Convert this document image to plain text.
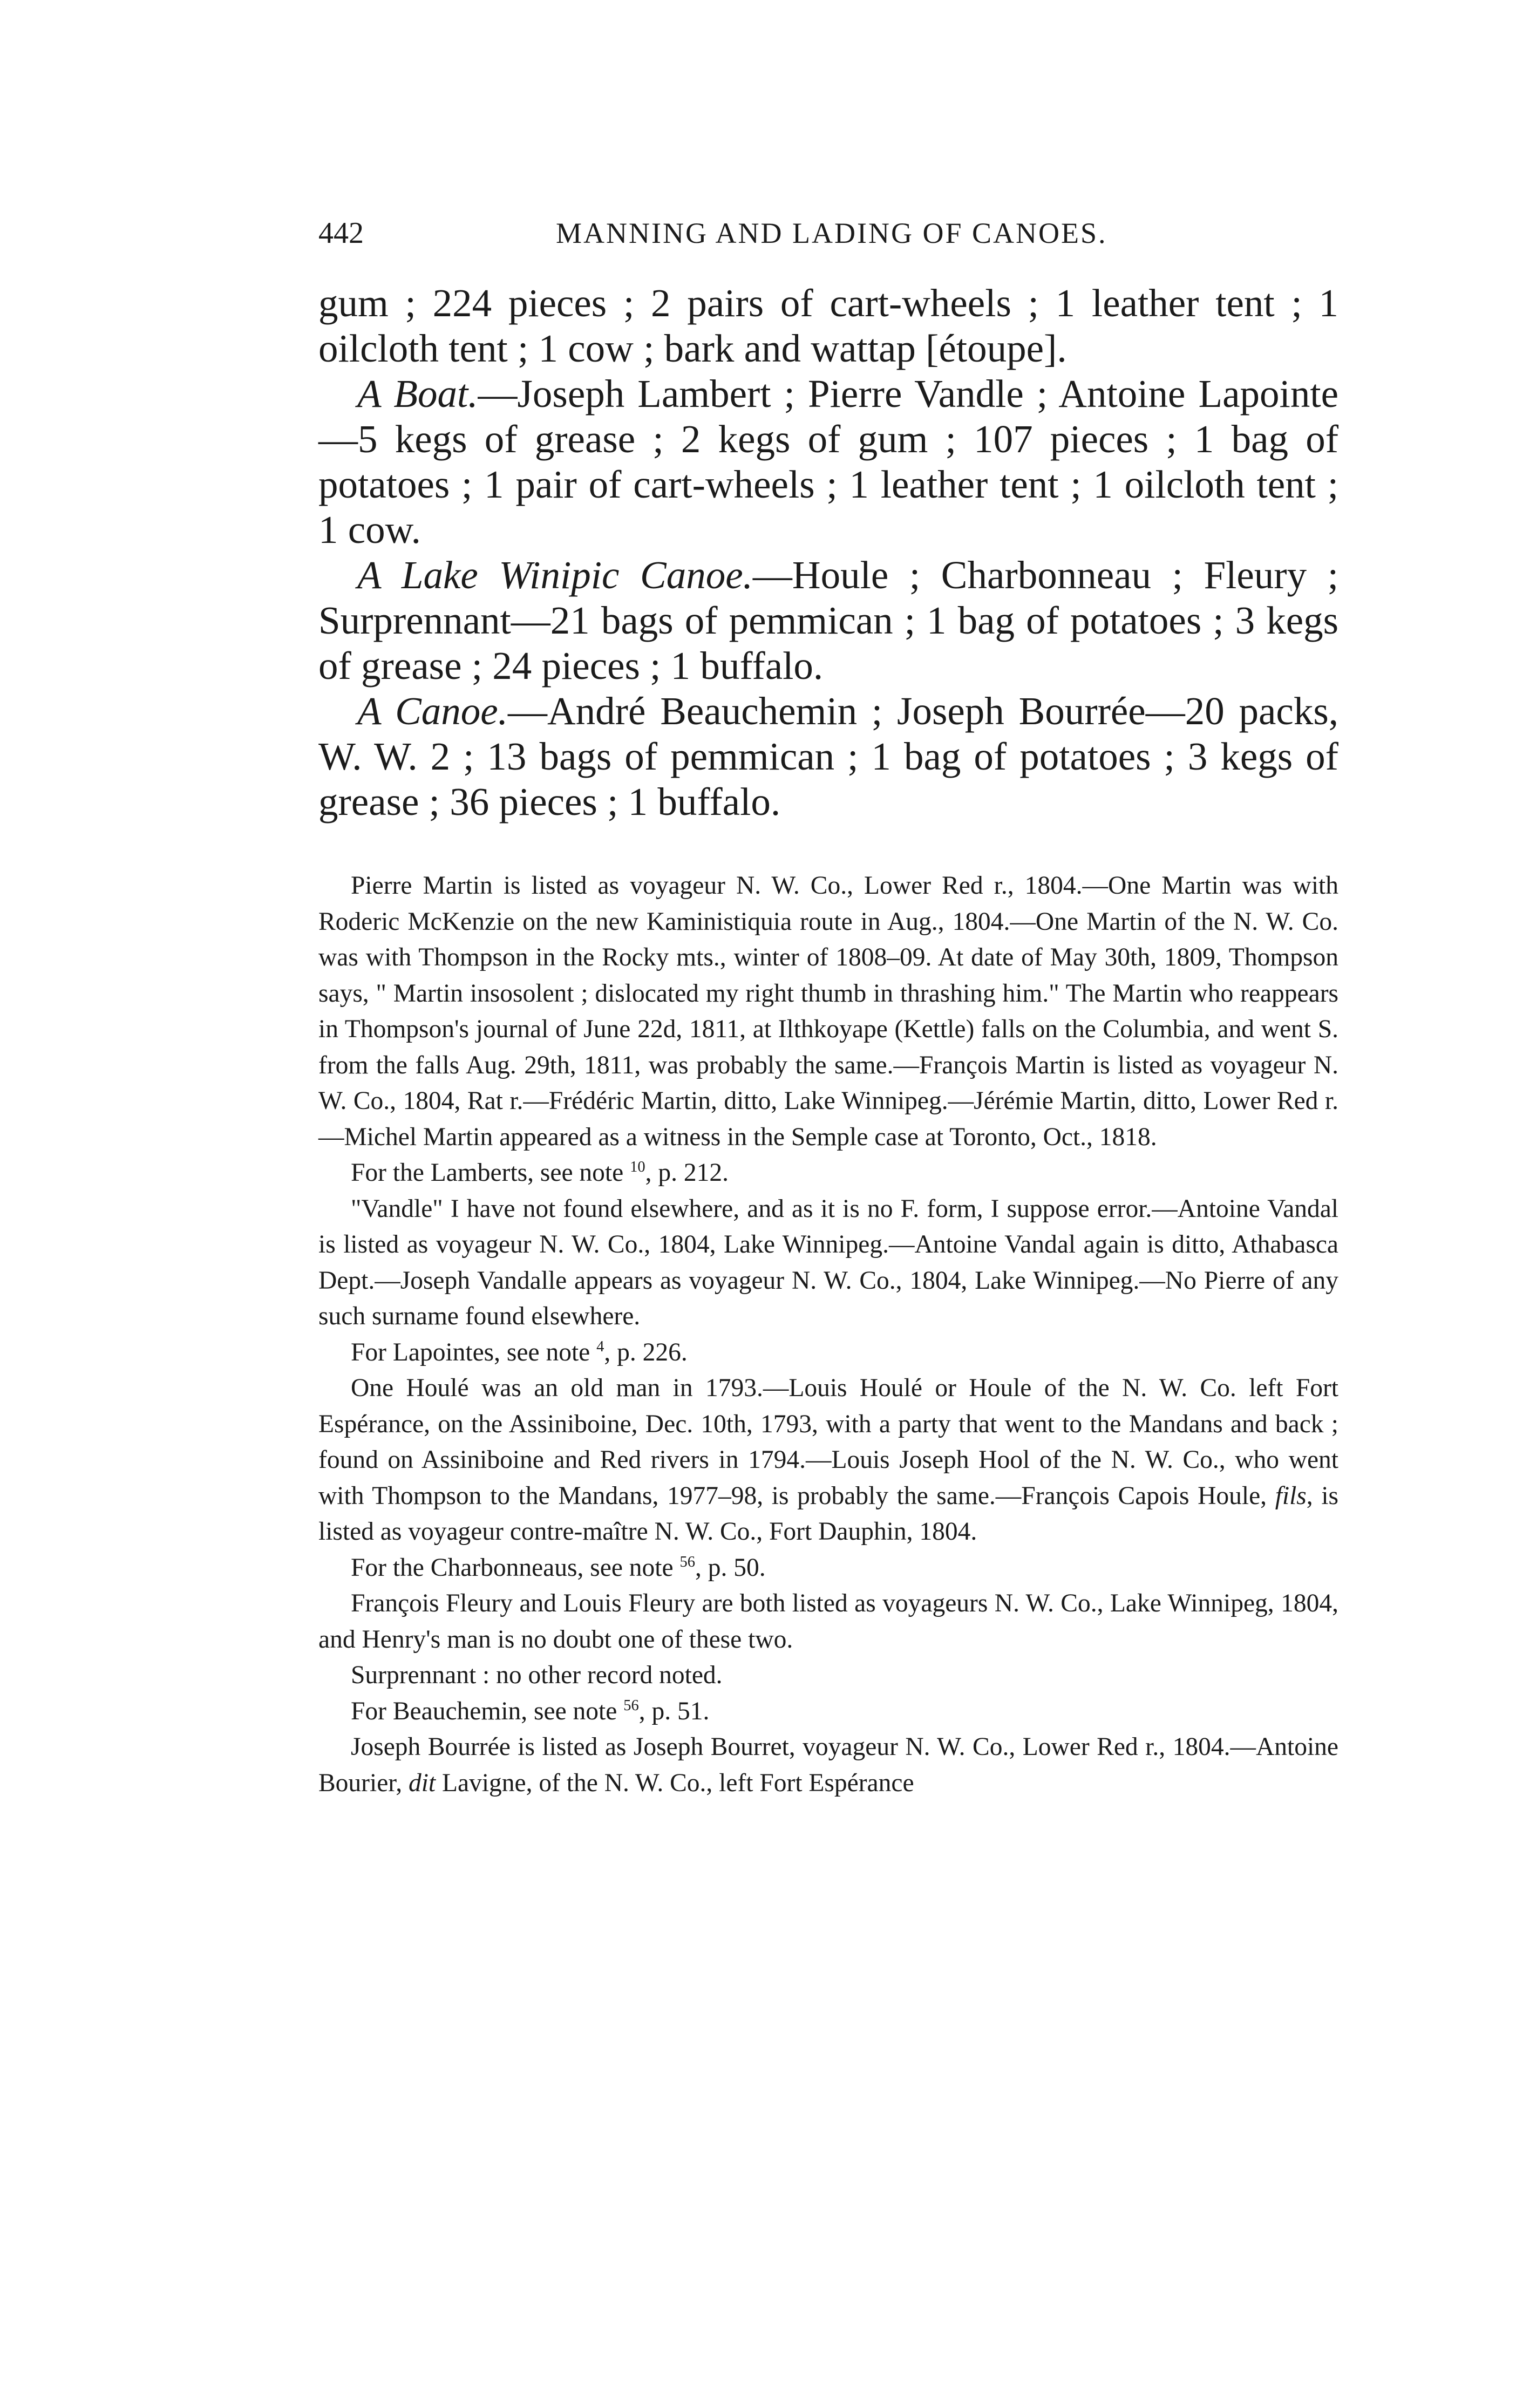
442	MANNING AND LADING OF CANOES.

gum ; 224 pieces ; 2 pairs of cart-wheels ; 1 leather tent ; 1 oilcloth tent ; 1 cow ; bark and wattap [étoupe].

A Boat.—Joseph Lambert ; Pierre Vandle ; Antoine Lapointe—5 kegs of grease ; 2 kegs of gum ; 107 pieces ; 1 bag of potatoes ; 1 pair of cart-wheels ; 1 leather tent ; 1 oilcloth tent ; 1 cow.

A Lake Winipic Canoe.—Houle ; Charbonneau ; Fleury ; Surprennant—21 bags of pemmican ; 1 bag of potatoes ; 3 kegs of grease ; 24 pieces ; 1 buffalo.

A Canoe.—André Beauchemin ; Joseph Bourrée—20 packs, W. W. 2 ; 13 bags of pemmican ; 1 bag of potatoes ; 3 kegs of grease ; 36 pieces ; 1 buffalo.

Pierre Martin is listed as voyageur N. W. Co., Lower Red r., 1804.—One Martin was with Roderic McKenzie on the new Kaministiquia route in Aug., 1804.—One Martin of the N. W. Co. was with Thompson in the Rocky mts., winter of 1808–09. At date of May 30th, 1809, Thompson says, " Martin insosolent ; dislocated my right thumb in thrashing him." The Martin who reappears in Thompson's journal of June 22d, 1811, at Ilthkoyape (Kettle) falls on the Columbia, and went S. from the falls Aug. 29th, 1811, was probably the same.—François Martin is listed as voyageur N. W. Co., 1804, Rat r.—Frédéric Martin, ditto, Lake Winnipeg.—Jérémie Martin, ditto, Lower Red r.—Michel Martin appeared as a witness in the Semple case at Toronto, Oct., 1818.

For the Lamberts, see note $^{10}$, p. 212.

"Vandle" I have not found elsewhere, and as it is no F. form, I suppose error.—Antoine Vandal is listed as voyageur N. W. Co., 1804, Lake Winnipeg.—Antoine Vandal again is ditto, Athabasca Dept.—Joseph Vandalle appears as voyageur N. W. Co., 1804, Lake Winnipeg.—No Pierre of any such surname found elsewhere.

For Lapointes, see note $^4$, p. 226.

One Houlé was an old man in 1793.—Louis Houlé or Houle of the N. W. Co. left Fort Espérance, on the Assiniboine, Dec. 10th, 1793, with a party that went to the Mandans and back ; found on Assiniboine and Red rivers in 1794.—Louis Joseph Hool of the N. W. Co., who went with Thompson to the Mandans, 1977–98, is probably the same.—François Capois Houle, fils, is listed as voyageur contre-maître N. W. Co., Fort Dauphin, 1804.

For the Charbonneaus, see note $^{56}$, p. 50.

François Fleury and Louis Fleury are both listed as voyageurs N. W. Co., Lake Winnipeg, 1804, and Henry's man is no doubt one of these two.

Surprennant : no other record noted.

For Beauchemin, see note $^{56}$, p. 51.

Joseph Bourrée is listed as Joseph Bourret, voyageur N. W. Co., Lower Red r., 1804.—Antoine Bourier, dit Lavigne, of the N. W. Co., left Fort Espérance
